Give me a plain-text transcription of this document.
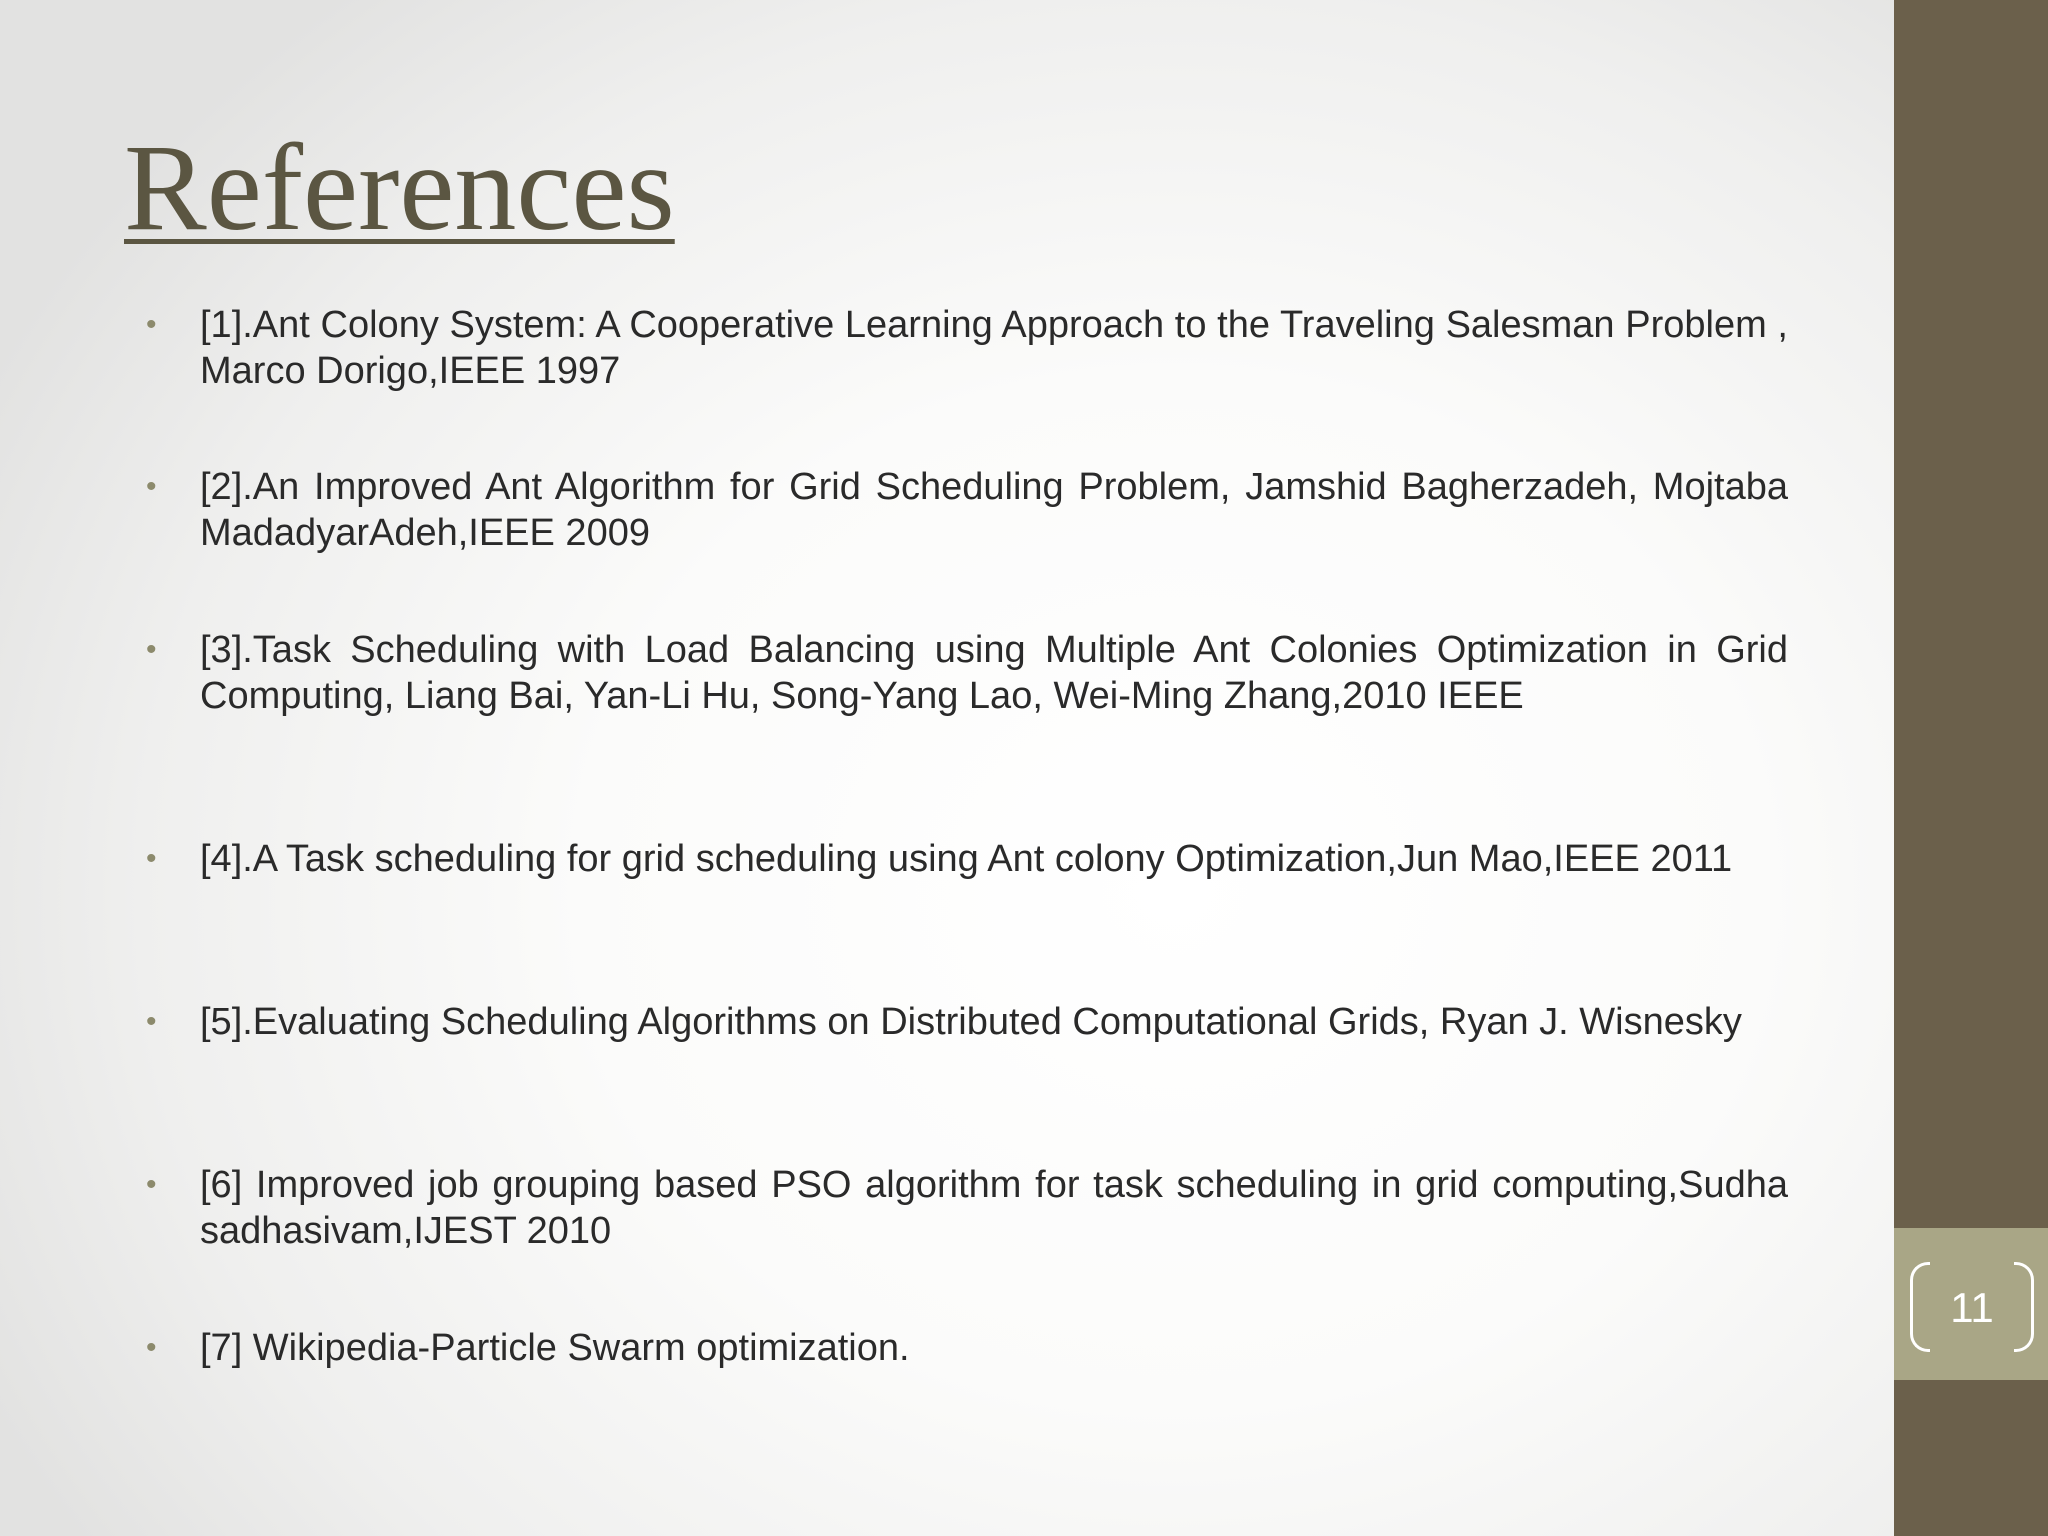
11
References
•	[1].Ant Colony System: A Cooperative Learning Approach to the Traveling Salesman Problem , Marco Dorigo,IEEE 1997
•	[2].An Improved Ant Algorithm for Grid Scheduling Problem, Jamshid Bagherzadeh, Mojtaba MadadyarAdeh,IEEE 2009
•	[3].Task Scheduling with Load Balancing using Multiple Ant Colonies Optimization in Grid Computing, Liang Bai, Yan-Li Hu, Song-Yang Lao, Wei-Ming Zhang,2010 IEEE
•	[4].A Task scheduling for grid scheduling using Ant colony Optimization,Jun Mao,IEEE 2011
•	[5].Evaluating Scheduling Algorithms on Distributed Computational Grids, Ryan J. Wisnesky
•	[6] Improved job grouping based PSO algorithm for task scheduling in grid computing,Sudha sadhasivam,IJEST 2010
•	[7] Wikipedia-Particle Swarm optimization.
